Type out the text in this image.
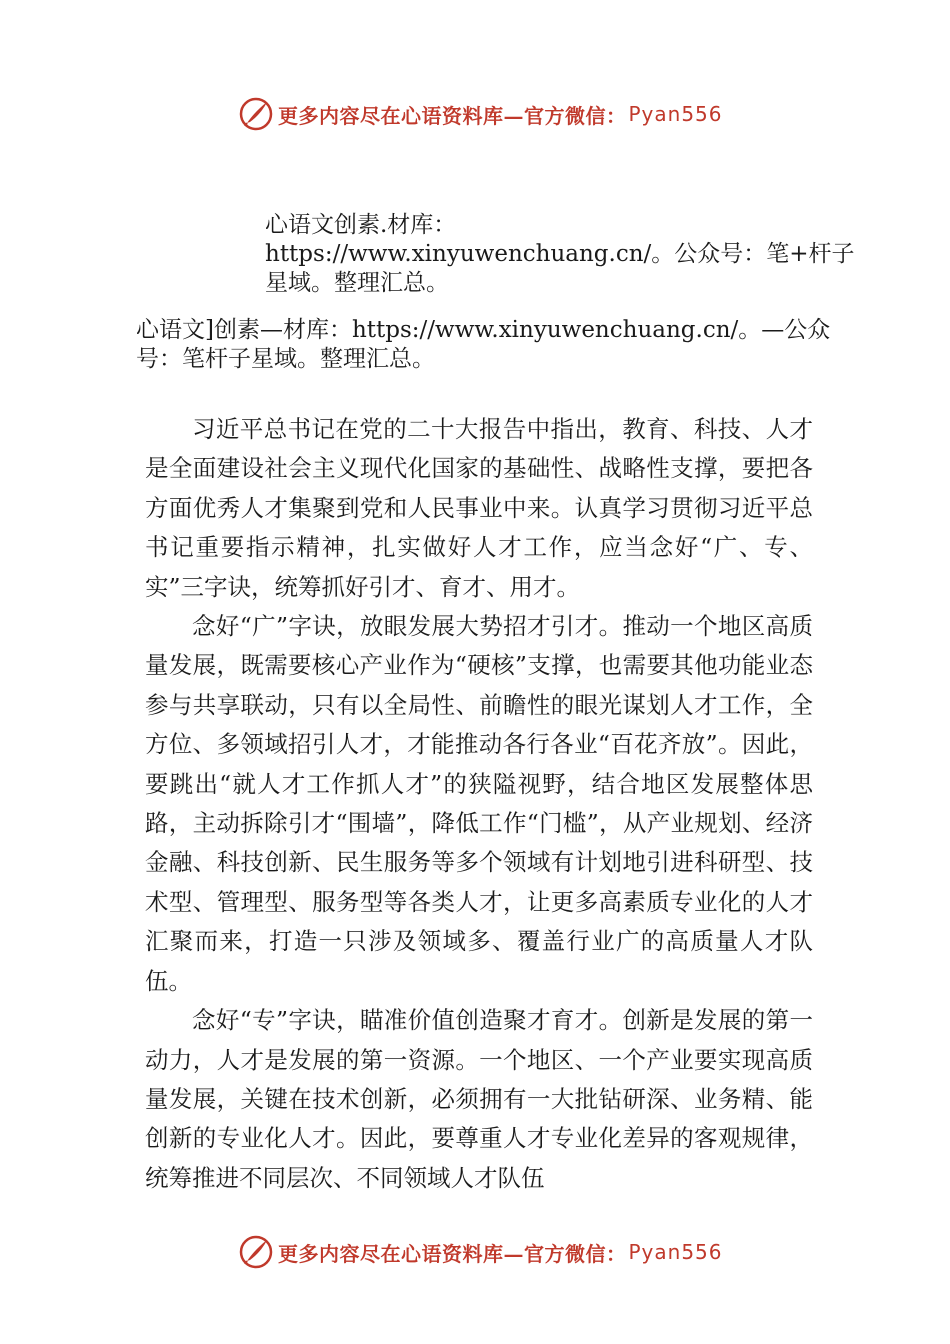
更多内容尽在心语资料库—官方微信： Pyan556
心语文创素.材库：https://www.xinyuwenchuang.cn/。公众号：笔+杆子星域。整理汇总。
心语文]创素—材库：https://www.xinyuwenchuang.cn/。—公众号：笔杆子星域。整理汇总。

习近平总书记在党的二十大报告中指出，教育、科技、人才是全面建设社会主义现代化国家的基础性、战略性支撑，要把各方面优秀人才集聚到党和人民事业中来。认真学习贯彻习近平总书记重要指示精神，扎实做好人才工作，应当念好“广、专、实”三字诀，统筹抓好引才、育才、用才。

念好“广”字诀，放眼发展大势招才引才。推动一个地区高质量发展，既需要核心产业作为“硬核”支撑，也需要其他功能业态参与共享联动，只有以全局性、前瞻性的眼光谋划人才工作，全方位、多领域招引人才，才能推动各行各业“百花齐放”。因此，要跳出“就人才工作抓人才”的狭隘视野，结合地区发展整体思路，主动拆除引才“围墙”，降低工作“门槛”，从产业规划、经济金融、科技创新、民生服务等多个领域有计划地引进科研型、技术型、管理型、服务型等各类人才，让更多高素质专业化的人才汇聚而来，打造一只涉及领域多、覆盖行业广的高质量人才队伍。

念好“专”字诀，瞄准价值创造聚才育才。创新是发展的第一动力，人才是发展的第一资源。一个地区、一个产业要实现高质量发展，关键在技术创新，必须拥有一大批钻研深、业务精、能创新的专业化人才。因此，要尊重人才专业化差异的客观规律，统筹推进不同层次、不同领域人才队伍

更多内容尽在心语资料库—官方微信： Pyan556
